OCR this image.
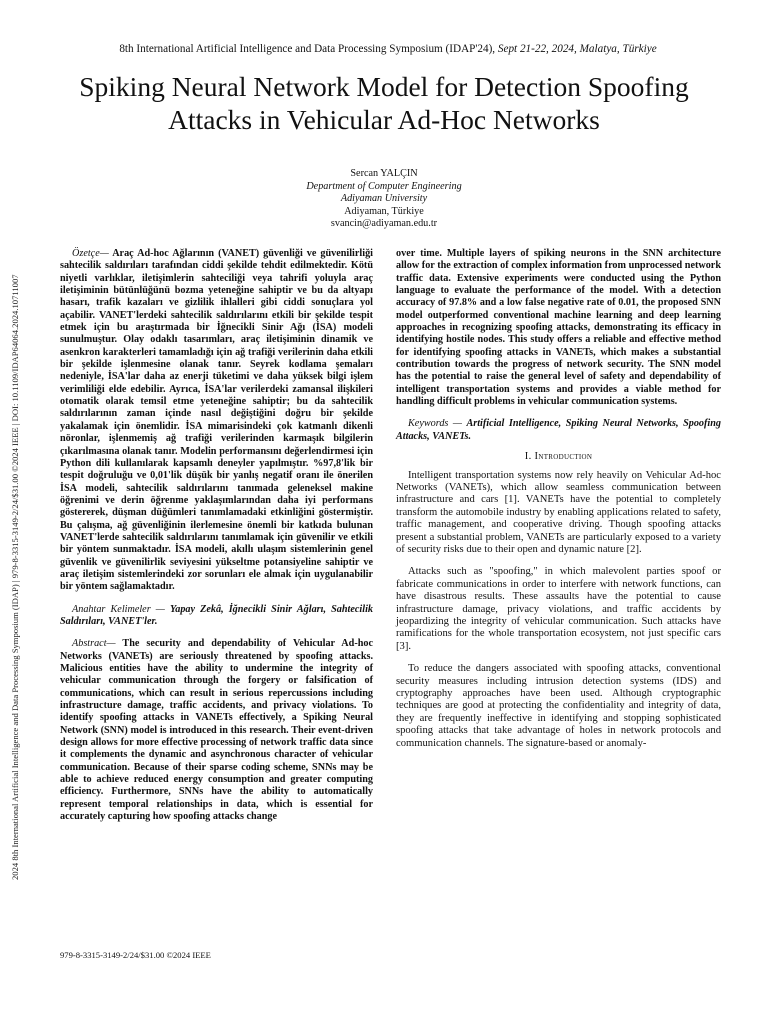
2024 8th International Artificial Intelligence and Data Processing Symposium (IDAP) | 979-8-3315-3149-2/24/$31.00 ©2024 IEEE | DOI: 10.1109/IDAP64064.2024.10711007
8th International Artificial Intelligence and Data Processing Symposium (IDAP'24), Sept 21-22, 2024, Malatya, Türkiye
Spiking Neural Network Model for Detection Spoofing Attacks in Vehicular Ad-Hoc Networks
Sercan YALÇIN
Department of Computer Engineering
Adiyaman University
Adiyaman, Türkiye
svancin@adiyaman.edu.tr

Özetçe— Araç Ad-hoc Ağlarının (VANET) güvenliği ve güvenilirliği sahtecilik saldırıları tarafından ciddi şekilde tehdit edilmektedir. Kötü niyetli varlıklar, iletişimlerin sahteciliği veya tahrifi yoluyla araç iletişiminin bütünlüğünü bozma yeteneğine sahiptir ve bu da altyapı hasarı, trafik kazaları ve gizlilik ihlalleri gibi ciddi sonuçlara yol açabilir. VANET'lerdeki sahtecilik saldırılarını etkili bir şekilde tespit etmek için bu araştırmada bir İğnecikli Sinir Ağı (İSA) modeli sunulmuştur. Olay odaklı tasarımları, araç iletişiminin dinamik ve asenkron karakterleri tamamladığı için ağ trafiği verilerinin daha etkili bir şekilde işlenmesine olanak tanır. Seyrek kodlama şemaları nedeniyle, İSA'lar daha az enerji tüketimi ve daha yüksek bilgi işlem verimliliği elde edebilir. Ayrıca, İSA'lar verilerdeki zamansal ilişkileri otomatik olarak temsil etme yeteneğine sahiptir; bu da sahtecilik saldırılarının zaman içinde nasıl değiştiğini doğru bir şekilde yakalamak için önemlidir. İSA mimarisindeki çok katmanlı dikenli nöronlar, işlenmemiş ağ trafiği verilerinden karmaşık bilgilerin çıkarılmasına olanak tanır. Modelin performansını değerlendirmesi için Python dili kullanılarak kapsamlı deneyler yapılmıştır. %97,8'lik bir tespit doğruluğu ve 0,01'lik düşük bir yanlış negatif oranı ile önerilen İSA modeli, sahtecilik saldırılarını tanımada geleneksel makine öğrenimi ve derin öğrenme yaklaşımlarından daha iyi performans göstererek, düşman düğümleri tanımlamadaki etkinliğini göstermiştir. Bu çalışma, ağ güvenliğinin ilerlemesine önemli bir katkıda bulunan VANET'lerde sahtecilik saldırılarını tanımlamak için güvenilir ve etkili bir yöntem sunmaktadır. İSA modeli, akıllı ulaşım sistemlerinin genel güvenlik ve güvenilirlik seviyesini yükseltme potansiyeline sahiptir ve araç iletişim sistemlerindeki zor sorunları ele almak için uygulanabilir bir yöntem sağlamaktadır.

Anahtar Kelimeler — Yapay Zekâ, İğnecikli Sinir Ağları, Sahtecilik Saldırıları, VANET'ler.

Abstract— The security and dependability of Vehicular Ad-hoc Networks (VANETs) are seriously threatened by spoofing attacks. Malicious entities have the ability to undermine the integrity of vehicular communication through the forgery or falsification of communications, which can result in serious repercussions including infrastructure damage, traffic accidents, and privacy violations. To identify spoofing attacks in VANETs effectively, a Spiking Neural Network (SNN) model is introduced in this research. Their event-driven design allows for more effective processing of network traffic data since it complements the dynamic and asynchronous character of vehicular communication. Because of their sparse coding scheme, SNNs may be able to achieve reduced energy consumption and greater computing efficiency. Furthermore, SNNs have the ability to automatically represent temporal relationships in data, which is essential for accurately capturing how spoofing attacks change

over time. Multiple layers of spiking neurons in the SNN architecture allow for the extraction of complex information from unprocessed network traffic data. Extensive experiments were conducted using the Python language to evaluate the performance of the model. With a detection accuracy of 97.8% and a low false negative rate of 0.01, the proposed SNN model outperformed conventional machine learning and deep learning approaches in recognizing spoofing attacks, demonstrating its efficacy in identifying hostile nodes. This study offers a reliable and effective method for identifying spoofing attacks in VANETs, which makes a substantial contribution towards the progress of network security. The SNN model has the potential to raise the general level of safety and dependability of intelligent transportation systems and provides a viable method for handling difficult problems in vehicular communication systems.

Keywords — Artificial Intelligence, Spiking Neural Networks, Spoofing Attacks, VANETs.

I. Introduction

Intelligent transportation systems now rely heavily on Vehicular Ad-hoc Networks (VANETs), which allow seamless communication between infrastructure and cars [1]. VANETs have the potential to completely transform the automobile industry by enabling applications related to safety, traffic management, and cooperative driving. Though spoofing attacks present a substantial problem, VANETs are particularly exposed to a variety of security risks due to their open and dynamic nature [2].

Attacks such as "spoofing," in which malevolent parties spoof or fabricate communications in order to interfere with network functions, can have disastrous results. These assaults have the potential to cause infrastructure damage, privacy violations, and traffic accidents by jeopardizing the integrity of vehicular communication. Such attacks have ramifications for the whole transportation ecosystem, not just specific cars [3].

To reduce the dangers associated with spoofing attacks, conventional security measures including intrusion detection systems (IDS) and cryptography approaches have been used. Although cryptographic techniques are good at protecting the confidentiality and integrity of data, they are frequently ineffective in identifying and stopping sophisticated spoofing attacks that take advantage of holes in network protocols and communication channels. The signature-based or anomaly-

979-8-3315-3149-2/24/$31.00 ©2024 IEEE
